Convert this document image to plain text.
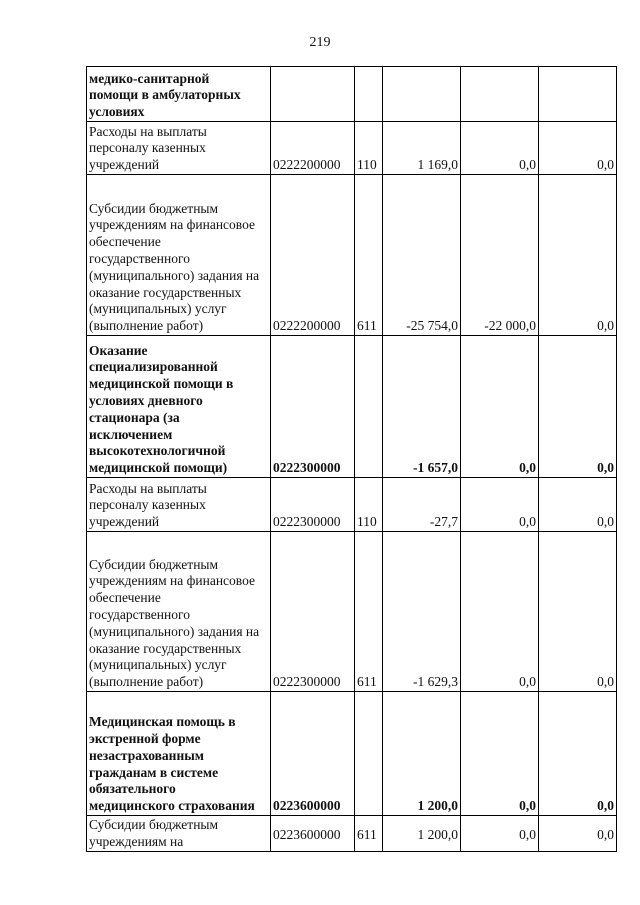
219
медико-санитарной помощи в амбулаторных условиях					

Расходы на выплаты персоналу казенных учреждений	0222200000	110	1 169,0	0,0	0,0

Субсидии бюджетным учреждениям на финансовое обеспечение государственного (муниципального) задания на оказание государственных (муниципальных) услуг (выполнение работ)	0222200000	611	-25 754,0	-22 000,0	0,0

Оказание специализированной медицинской помощи в условиях дневного стационара (за исключением высокотехнологичной медицинской помощи)	0222300000		-1 657,0	0,0	0,0

Расходы на выплаты персоналу казенных учреждений	0222300000	110	-27,7	0,0	0,0

Субсидии бюджетным учреждениям на финансовое обеспечение государственного (муниципального) задания на оказание государственных (муниципальных) услуг (выполнение работ)	0222300000	611	-1 629,3	0,0	0,0

Медицинская помощь в экстренной форме незастрахованным гражданам в системе обязательного медицинского страхования	0223600000		1 200,0	0,0	0,0

Субсидии бюджетным учреждениям на	0223600000	611	1 200,0	0,0	0,0
